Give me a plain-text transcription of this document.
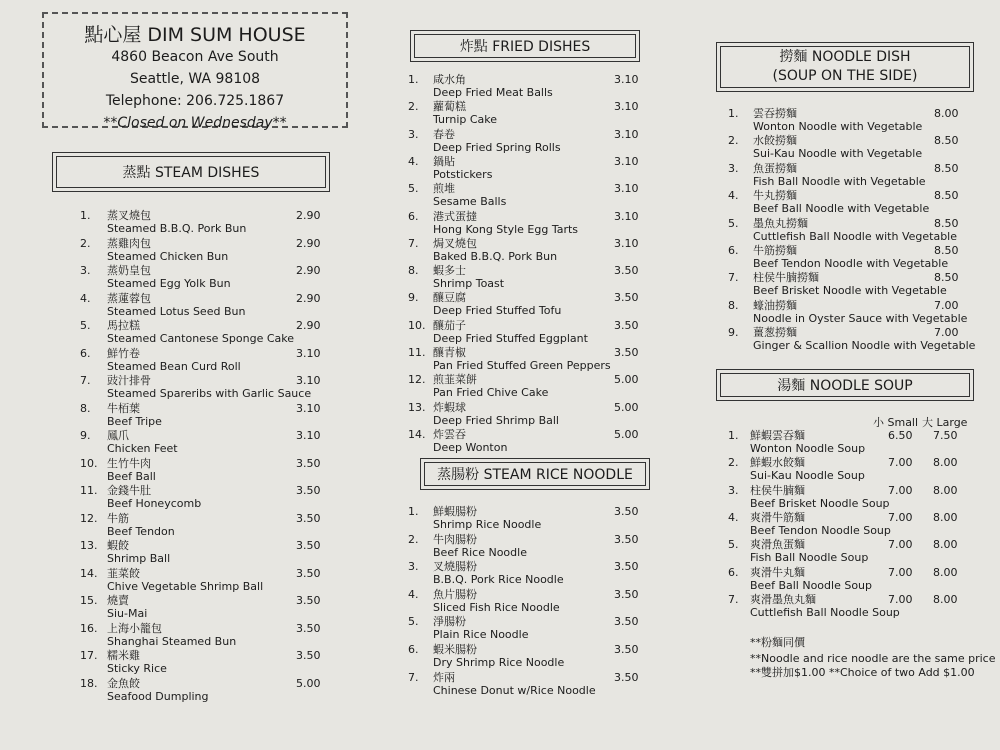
點心屋 DIM SUM HOUSE
4860 Beacon Ave South
Seattle, WA 98108
Telephone: 206.725.1867
**Closed on Wednesday**
蒸點 STEAM DISHES
炸點 FRIED DISHES
蒸腸粉 STEAM RICE NOODLE
撈麵 NOODLE DISH
(SOUP ON THE SIDE)
湯麵 NOODLE SOUP
小 Small 大 Large
1. 蒸叉燒包
Steamed B.B.Q. Pork Bun
2.90
2. 蒸雞肉包
Steamed Chicken Bun
2.90
3. 蒸奶皇包
Steamed Egg Yolk Bun
2.90
4. 蒸蓮蓉包
Steamed Lotus Seed Bun
2.90
5. 馬拉糕
Steamed Cantonese Sponge Cake
2.90
6. 鮮竹卷
Steamed Bean Curd Roll
3.10
7. 豉汁排骨
Steamed Spareribs with Garlic Sauce
3.10
8. 牛栢葉
Beef Tripe
3.10
9. 鳳爪
Chicken Feet
3.10
10. 生竹牛肉
Beef Ball
3.50
11. 金錢牛肚
Beef Honeycomb
3.50
12. 牛筋
Beef Tendon
3.50
13. 蝦餃
Shrimp Ball
3.50
14. 韮菜餃
Chive Vegetable Shrimp Ball
3.50
15. 燒賣
Siu-Mai
3.50
16. 上海小籠包
Shanghai Steamed Bun
3.50
17. 糯米雞
Sticky Rice
3.50
18. 金魚餃
Seafood Dumpling
5.00
1. 咸水角
Deep Fried Meat Balls
3.10
2. 蘿蔔糕
Turnip Cake
3.10
3. 春卷
Deep Fried Spring Rolls
3.10
4. 鍋貼
Potstickers
3.10
5. 煎堆
Sesame Balls
3.10
6. 港式蛋撻
Hong Kong Style Egg Tarts
3.10
7. 焗叉燒包
Baked B.B.Q. Pork Bun
3.10
8. 蝦多士
Shrimp Toast
3.50
9. 釀豆腐
Deep Fried Stuffed Tofu
3.50
10. 釀茄子
Deep Fried Stuffed Eggplant
3.50
11. 釀青椒
Pan Fried Stuffed Green Peppers
3.50
12. 煎韮菜餅
Pan Fried Chive Cake
5.00
13. 炸蝦球
Deep Fried Shrimp Ball
5.00
14. 炸雲吞
Deep Wonton
5.00
1. 鮮蝦腸粉
Shrimp Rice Noodle
3.50
2. 牛肉腸粉
Beef Rice Noodle
3.50
3. 叉燒腸粉
B.B.Q. Pork Rice Noodle
3.50
4. 魚片腸粉
Sliced Fish Rice Noodle
3.50
5. 淨腸粉
Plain Rice Noodle
3.50
6. 蝦米腸粉
Dry Shrimp Rice Noodle
3.50
7. 炸兩
Chinese Donut w/Rice Noodle
3.50
1. 雲吞撈麵
Wonton Noodle with Vegetable
8.00
2. 水餃撈麵
Sui-Kau Noodle with Vegetable
8.50
3. 魚蛋撈麵
Fish Ball Noodle with Vegetable
8.50
4. 牛丸撈麵
Beef Ball Noodle with Vegetable
8.50
5. 墨魚丸撈麵
Cuttlefish Ball Noodle with Vegetable
8.50
6. 牛筋撈麵
Beef Tendon Noodle with Vegetable
8.50
7. 柱侯牛腩撈麵
Beef Brisket Noodle with Vegetable
8.50
8. 蠔油撈麵
Noodle in Oyster Sauce with Vegetable
7.00
9. 薑葱撈麵
Ginger & Scallion Noodle with Vegetable
7.00
1. 鮮蝦雲吞麵
Wonton Noodle Soup
6.50 7.50
2. 鮮蝦水餃麵
Sui-Kau Noodle Soup
7.00 8.00
3. 柱侯牛腩麵
Beef Brisket Noodle Soup
7.00 8.00
4. 爽滑牛筋麵
Beef Tendon Noodle Soup
7.00 8.00
5. 爽滑魚蛋麵
Fish Ball Noodle Soup
7.00 8.00
6. 爽滑牛丸麵
Beef Ball Noodle Soup
7.00 8.00
7. 爽滑墨魚丸麵
Cuttlefish Ball Noodle Soup
7.00 8.00
**粉麵同價
**Noodle and rice noodle are the same price
**雙拼加$1.00 **Choice of two Add $1.00
